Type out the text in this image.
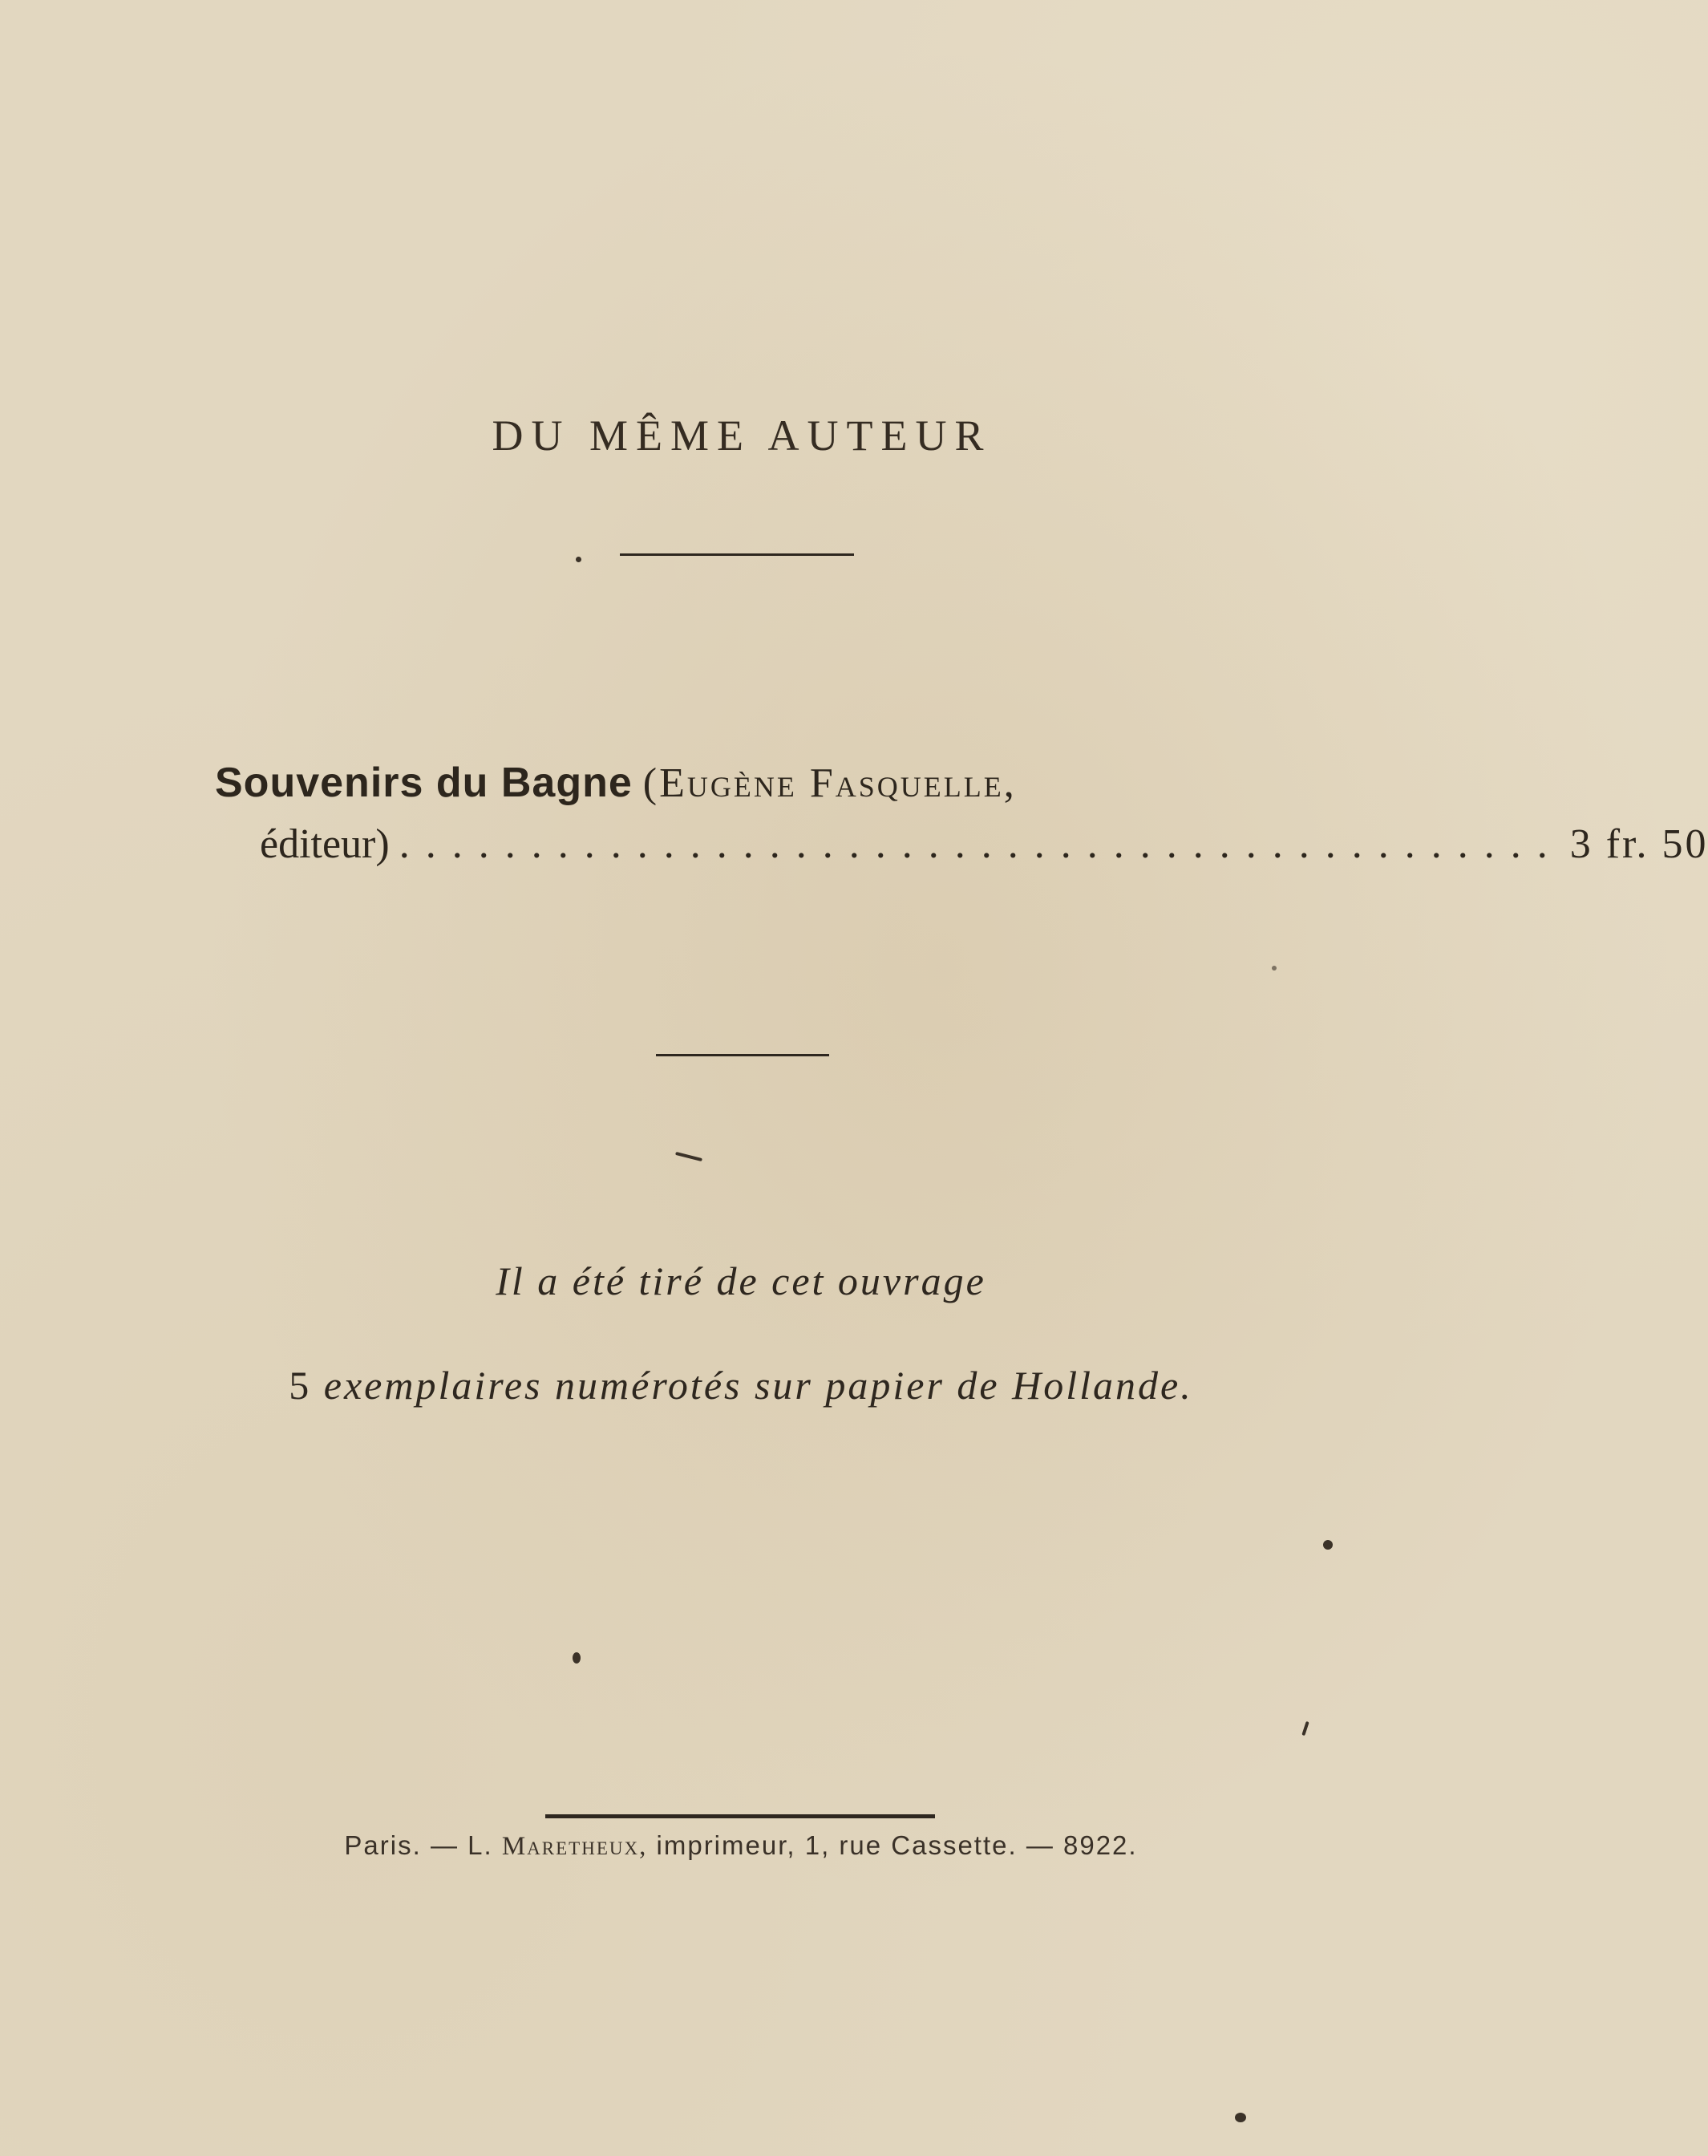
DU MÊME AUTEUR
Souvenirs du Bagne (Eugène Fasquelle,
éditeur) ............................................ 3 fr. 50
Il a été tiré de cet ouvrage
5 exemplaires numérotés sur papier de Hollande.
Paris. — L. Maretheux, imprimeur, 1, rue Cassette. — 8922.
